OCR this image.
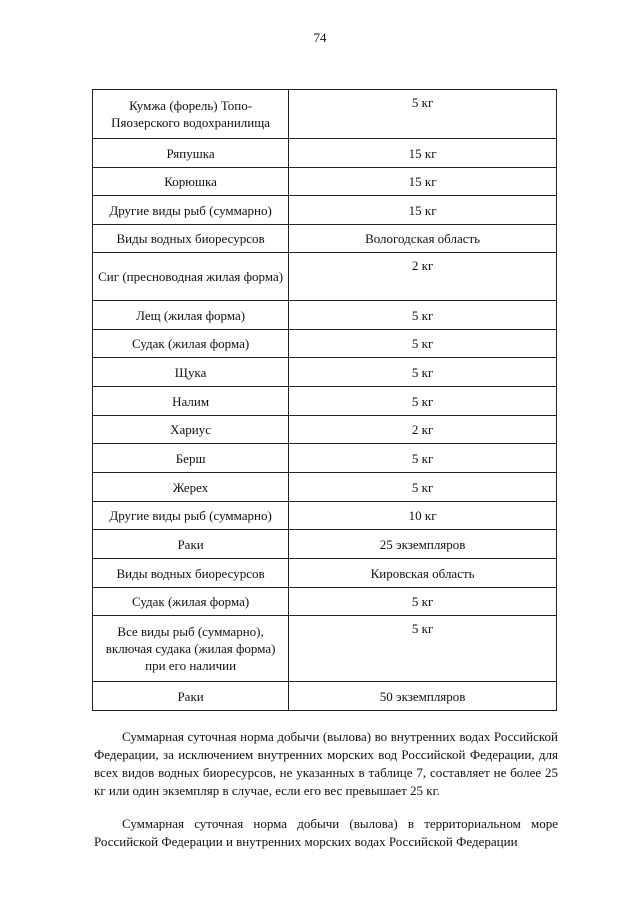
74
Кумжа (форель) Топо-Пяозерского водохранилища	5 кг
Ряпушка	15 кг
Корюшка	15 кг
Другие виды рыб (суммарно)	15 кг
Виды водных биоресурсов	Вологодская область
Сиг (пресноводная жилая форма)	2 кг
Лещ (жилая форма)	5 кг
Судак (жилая форма)	5 кг
Щука	5 кг
Налим	5 кг
Хариус	2 кг
Берш	5 кг
Жерех	5 кг
Другие виды рыб (суммарно)	10 кг
Раки	25 экземпляров
Виды водных биоресурсов	Кировская область
Судак (жилая форма)	5 кг
Все виды рыб (суммарно), включая судака (жилая форма) при его наличии	5 кг
Раки	50 экземпляров

Суммарная суточная норма добычи (вылова) во внутренних водах Российской Федерации, за исключением внутренних морских вод Российской Федерации, для всех видов водных биоресурсов, не указанных в таблице 7, составляет не более 25 кг или один экземпляр в случае, если его вес превышает 25 кг.

Суммарная суточная норма добычи (вылова) в территориальном море Российской Федерации и внутренних морских водах Российской Федерации
